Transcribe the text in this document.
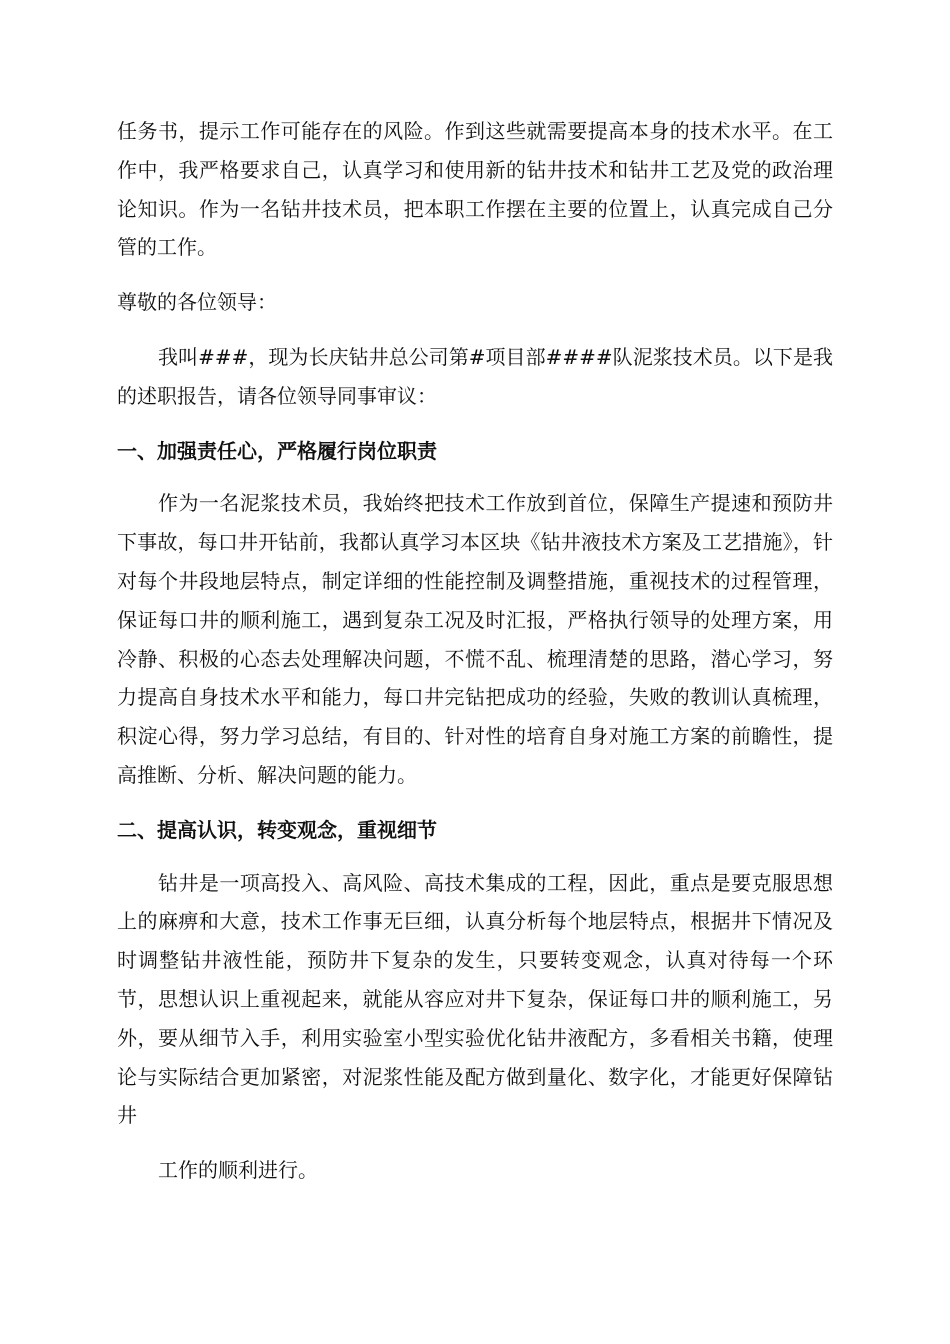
任务书，提示工作可能存在的风险。作到这些就需要提高本身的技术水平。在工作中，我严格要求自己，认真学习和使用新的钻井技术和钻井工艺及党的政治理论知识。作为一名钻井技术员，把本职工作摆在主要的位置上，认真完成自己分管的工作。

尊敬的各位领导：

我叫###，现为长庆钻井总公司第#项目部####队泥浆技术员。以下是我的述职报告，请各位领导同事审议：

一、加强责任心，严格履行岗位职责

作为一名泥浆技术员，我始终把技术工作放到首位，保障生产提速和预防井下事故，每口井开钻前，我都认真学习本区块《钻井液技术方案及工艺措施》，针对每个井段地层特点，制定详细的性能控制及调整措施，重视技术的过程管理，保证每口井的顺利施工，遇到复杂工况及时汇报，严格执行领导的处理方案，用冷静、积极的心态去处理解决问题，不慌不乱、梳理清楚的思路，潜心学习，努力提高自身技术水平和能力，每口井完钻把成功的经验，失败的教训认真梳理，积淀心得，努力学习总结，有目的、针对性的培育自身对施工方案的前瞻性，提高推断、分析、解决问题的能力。

二、提高认识，转变观念，重视细节

钻井是一项高投入、高风险、高技术集成的工程，因此，重点是要克服思想上的麻痹和大意，技术工作事无巨细，认真分析每个地层特点，根据井下情况及时调整钻井液性能，预防井下复杂的发生，只要转变观念，认真对待每一个环节，思想认识上重视起来，就能从容应对井下复杂，保证每口井的顺利施工，另外，要从细节入手，利用实验室小型实验优化钻井液配方，多看相关书籍，使理论与实际结合更加紧密，对泥浆性能及配方做到量化、数字化，才能更好保障钻井

工作的顺利进行。
